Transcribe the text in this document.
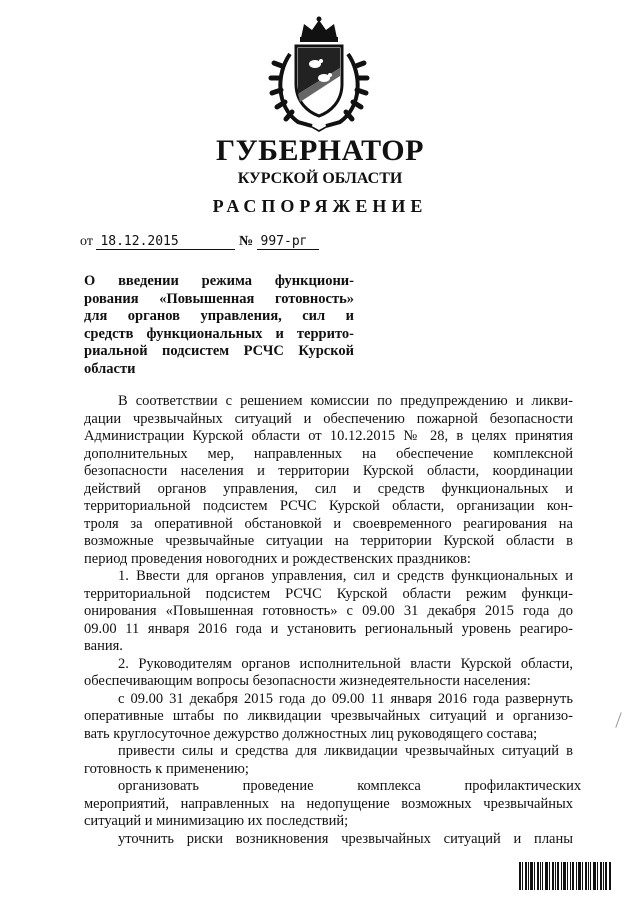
ГУБЕРНАТОР
КУРСКОЙ ОБЛАСТИ
РАСПОРЯЖЕНИЕ
от 18.12.2015	№ 997-рг
О введении режима функциони-
рования «Повышенная готовность»
для органов управления, сил и
средств функциональных и террито-
риальной подсистем РСЧС Курской
области
В соответствии с решением комиссии по предупреждению и ликви-
дации чрезвычайных ситуаций и обеспечению пожарной безопасности
Администрации Курской области от 10.12.2015 № 28, в целях принятия
дополнительных мер, направленных на обеспечение комплексной
безопасности населения и территории Курской области, координации
действий органов управления, сил и средств функциональных и
территориальной подсистем РСЧС Курской области, организации кон-
троля за оперативной обстановкой и своевременного реагирования на
возможные чрезвычайные ситуации на территории Курской области в
период проведения новогодних и рождественских праздников:
1. Ввести для органов управления, сил и средств функциональных и
территориальной подсистем РСЧС Курской области режим функци-
онирования «Повышенная готовность» с 09.00 31 декабря 2015 года до
09.00 11 января 2016 года и установить региональный уровень реагиро-
вания.
2. Руководителям органов исполнительной власти Курской области,
обеспечивающим вопросы безопасности жизнедеятельности населения:
с 09.00 31 декабря 2015 года до 09.00 11 января 2016 года развернуть
оперативные штабы по ликвидации чрезвычайных ситуаций и организо-
вать круглосуточное дежурство должностных лиц руководящего состава;
привести силы и средства для ликвидации чрезвычайных ситуаций в
готовность к применению;
организовать проведение комплекса профилактических
мероприятий, направленных на недопущение возможных чрезвычайных
ситуаций и минимизацию их последствий;
уточнить риски возникновения чрезвычайных ситуаций и планы
